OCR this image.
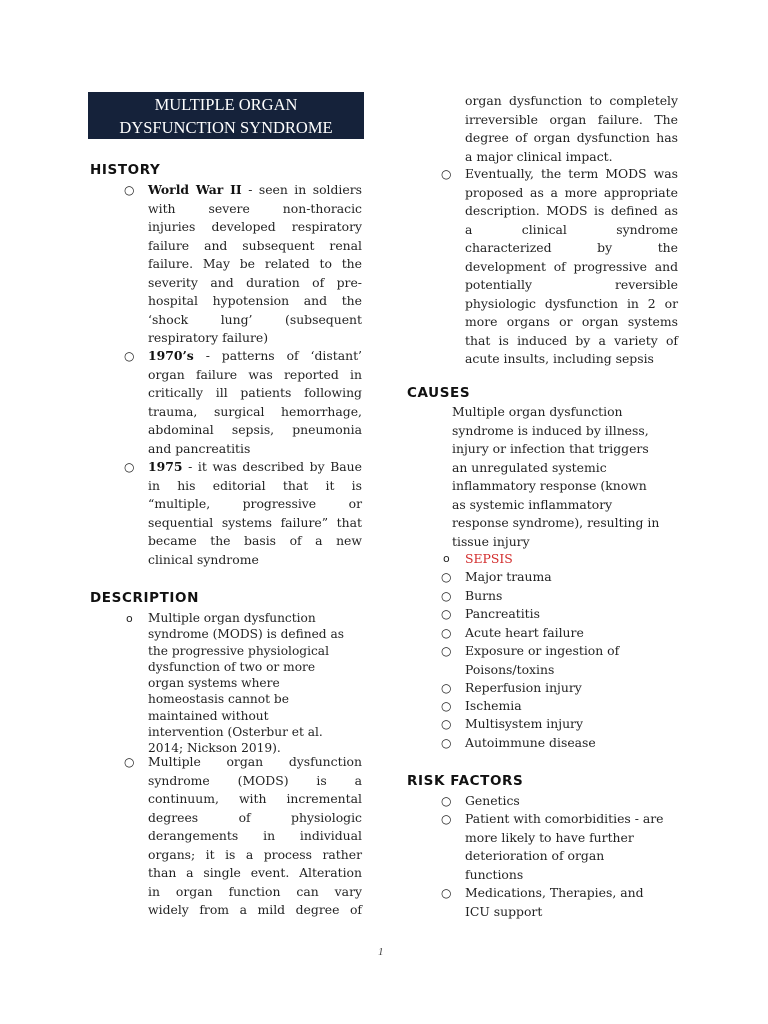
MULTIPLE ORGAN
DYSFUNCTION SYNDROME
HISTORY
○ World War II - seen in soldiers
with severe non-thoracic
injuries developed respiratory
failure and subsequent renal
failure. May be related to the
severity and duration of pre-
hospital hypotension and the
‘shock lung’ (subsequent
respiratory failure)
○ 1970’s - patterns of ‘distant’
organ failure was reported in
critically ill patients following
trauma, surgical hemorrhage,
abdominal sepsis, pneumonia
and pancreatitis
○ 1975 - it was described by Baue
in his editorial that it is
“multiple, progressive or
sequential systems failure” that
became the basis of a new
clinical syndrome
DESCRIPTION
o Multiple organ dysfunction
syndrome (MODS) is defined as
the progressive physiological
dysfunction of two or more
organ systems where
homeostasis cannot be
maintained without
intervention (Osterbur et al.
2014; Nickson 2019).
○ Multiple organ dysfunction
syndrome (MODS) is a
continuum, with incremental
degrees of physiologic
derangements in individual
organs; it is a process rather
than a single event. Alteration
in organ function can vary
widely from a mild degree of
organ dysfunction to completely
irreversible organ failure. The
degree of organ dysfunction has
a major clinical impact.
○ Eventually, the term MODS was
proposed as a more appropriate
description. MODS is defined as
a clinical syndrome
characterized by the
development of progressive and
potentially reversible
physiologic dysfunction in 2 or
more organs or organ systems
that is induced by a variety of
acute insults, including sepsis
CAUSES
Multiple organ dysfunction
syndrome is induced by illness,
injury or infection that triggers
an unregulated systemic
inflammatory response (known
as systemic inflammatory
response syndrome), resulting in
tissue injury
o SEPSIS
○ Major trauma
○ Burns
○ Pancreatitis
○ Acute heart failure
○ Exposure or ingestion of
Poisons/toxins
○ Reperfusion injury
○ Ischemia
○ Multisystem injury
○ Autoimmune disease
RISK FACTORS
○ Genetics
○ Patient with comorbidities - are
more likely to have further
deterioration of organ
functions
○ Medications, Therapies, and
ICU support
1
